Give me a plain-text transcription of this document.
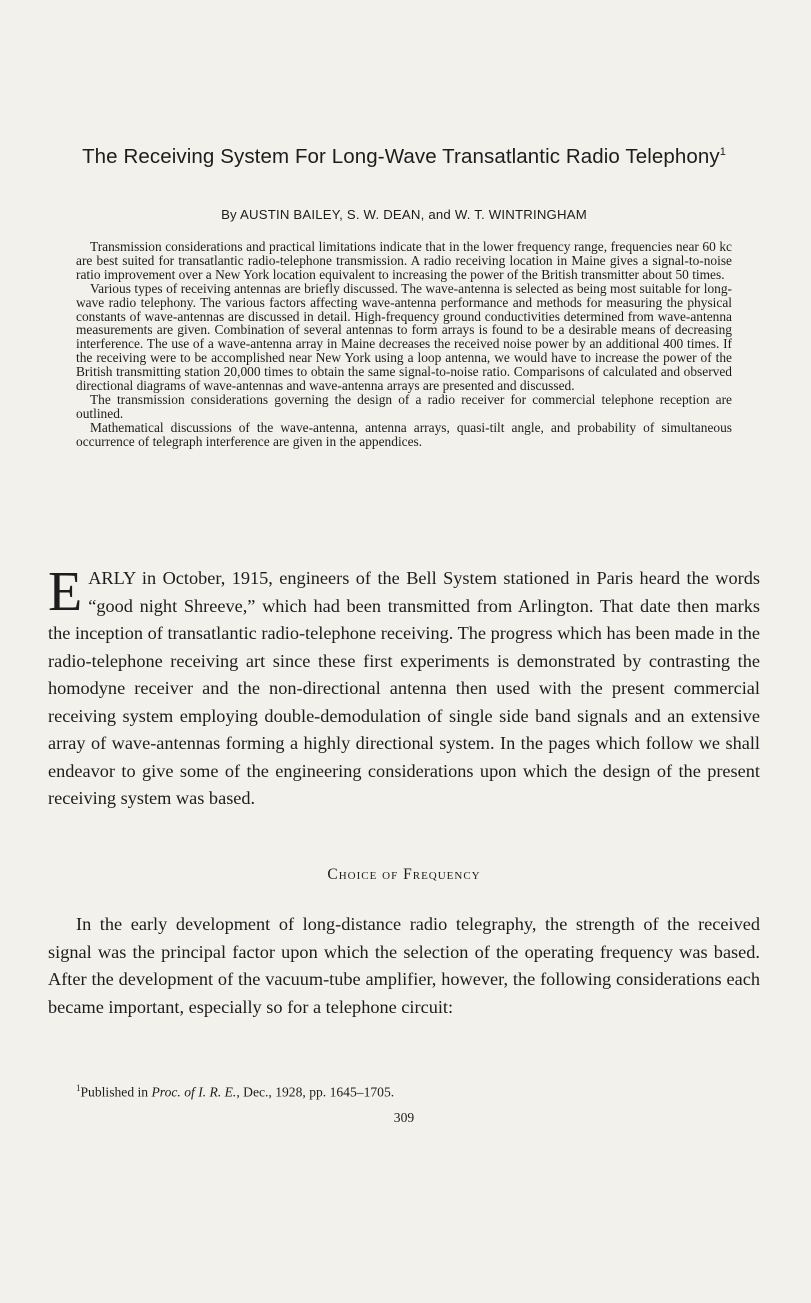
The Receiving System For Long-Wave Transatlantic Radio Telephony$^1$
By AUSTIN BAILEY, S. W. DEAN, and W. T. WINTRINGHAM

Transmission considerations and practical limitations indicate that in the lower frequency range, frequencies near 60 kc are best suited for transatlantic radio-telephone transmission. A radio receiving location in Maine gives a signal-to-noise ratio improvement over a New York location equivalent to increasing the power of the British transmitter about 50 times.

Various types of receiving antennas are briefly discussed. The wave-antenna is selected as being most suitable for long-wave radio telephony. The various factors affecting wave-antenna performance and methods for measuring the physical constants of wave-antennas are discussed in detail. High-frequency ground conductivities determined from wave-antenna measurements are given. Combination of several antennas to form arrays is found to be a desirable means of decreasing interference. The use of a wave-antenna array in Maine decreases the received noise power by an additional 400 times. If the receiving were to be accomplished near New York using a loop antenna, we would have to increase the power of the British transmitting station 20,000 times to obtain the same signal-to-noise ratio. Comparisons of calculated and observed directional diagrams of wave-antennas and wave-antenna arrays are presented and discussed.

The transmission considerations governing the design of a radio receiver for commercial telephone reception are outlined.

Mathematical discussions of the wave-antenna, antenna arrays, quasi-tilt angle, and probability of simultaneous occurrence of telegraph interference are given in the appendices.

EARLY in October, 1915, engineers of the Bell System stationed in Paris heard the words “good night Shreeve,” which had been transmitted from Arlington. That date then marks the inception of transatlantic radio-telephone receiving. The progress which has been made in the radio-telephone receiving art since these first experiments is demonstrated by contrasting the homodyne receiver and the non-directional antenna then used with the present commercial receiving system employing double-demodulation of single side band signals and an extensive array of wave-antennas forming a highly directional system. In the pages which follow we shall endeavor to give some of the engineering considerations upon which the design of the present receiving system was based.

Choice of Frequency

In the early development of long-distance radio telegraphy, the strength of the received signal was the principal factor upon which the selection of the operating frequency was based. After the development of the vacuum-tube amplifier, however, the following considerations each became important, especially so for a telephone circuit:

$^1$Published in Proc. of I. R. E., Dec., 1928, pp. 1645–1705.
309
